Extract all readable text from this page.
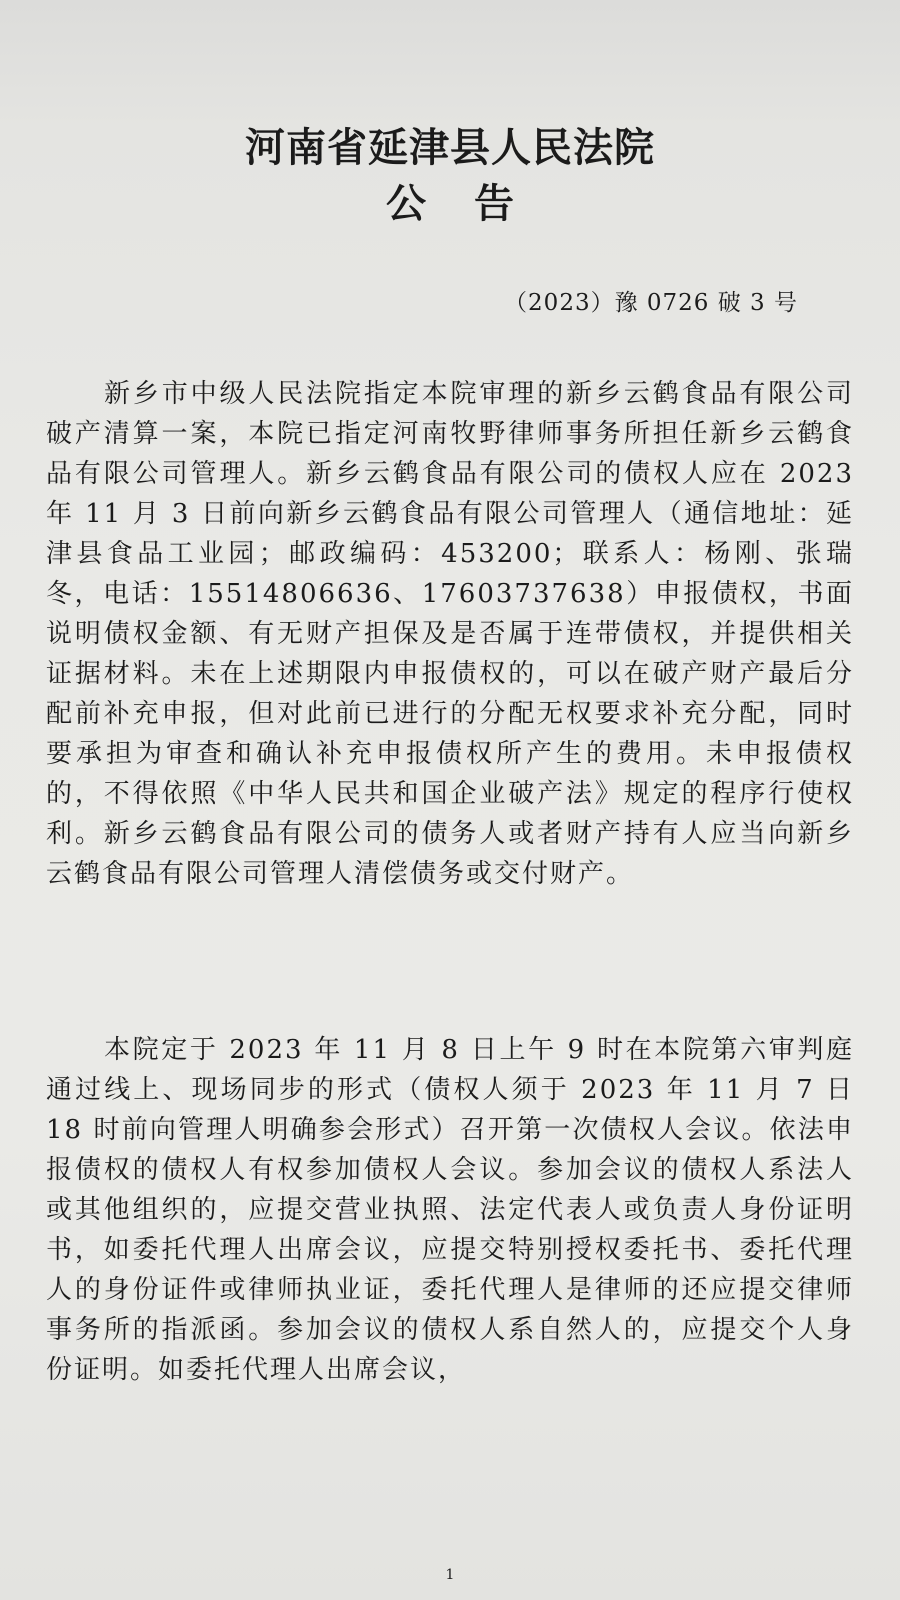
河南省延津县人民法院
公告
（2023）豫 0726 破 3 号

新乡市中级人民法院指定本院审理的新乡云鹤食品有限公司破产清算一案，本院已指定河南牧野律师事务所担任新乡云鹤食品有限公司管理人。新乡云鹤食品有限公司的债权人应在 2023 年 11 月 3 日前向新乡云鹤食品有限公司管理人（通信地址：延津县食品工业园；邮政编码：453200；联系人：杨刚、张瑞冬，电话：15514806636、17603737638）申报债权，书面说明债权金额、有无财产担保及是否属于连带债权，并提供相关证据材料。未在上述期限内申报债权的，可以在破产财产最后分配前补充申报，但对此前已进行的分配无权要求补充分配，同时要承担为审查和确认补充申报债权所产生的费用。未申报债权的，不得依照《中华人民共和国企业破产法》规定的程序行使权利。新乡云鹤食品有限公司的债务人或者财产持有人应当向新乡云鹤食品有限公司管理人清偿债务或交付财产。

本院定于 2023 年 11 月 8 日上午 9 时在本院第六审判庭通过线上、现场同步的形式（债权人须于 2023 年 11 月 7 日 18 时前向管理人明确参会形式）召开第一次债权人会议。依法申报债权的债权人有权参加债权人会议。参加会议的债权人系法人或其他组织的，应提交营业执照、法定代表人或负责人身份证明书，如委托代理人出席会议，应提交特别授权委托书、委托代理人的身份证件或律师执业证，委托代理人是律师的还应提交律师事务所的指派函。参加会议的债权人系自然人的，应提交个人身份证明。如委托代理人出席会议，

1
